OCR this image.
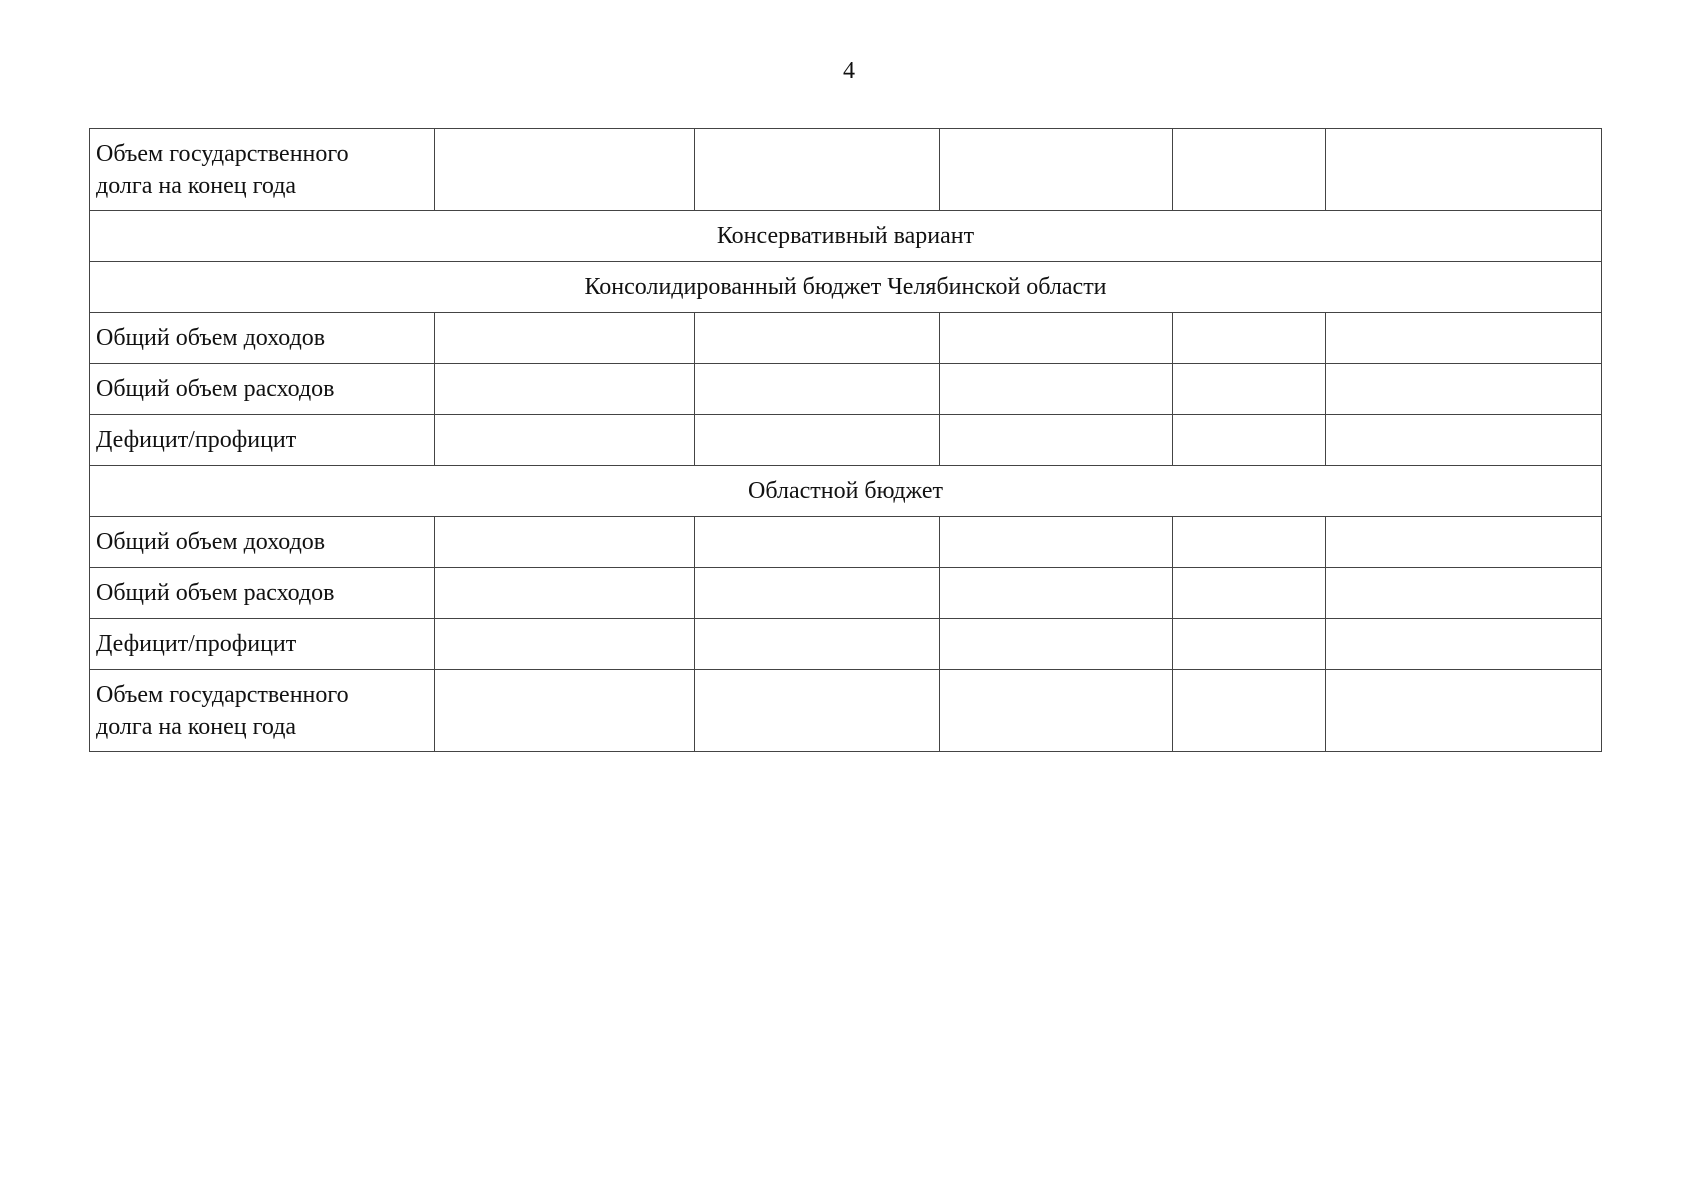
4
Объем государственного
долга на конец года					
Консервативный вариант					
Консолидированный бюджет Челябинской области					
Общий объем доходов					
Общий объем расходов					
Дефицит/профицит					
Областной бюджет					
Общий объем доходов					
Общий объем расходов					
Дефицит/профицит					
Объем государственного
долга на конец года					
